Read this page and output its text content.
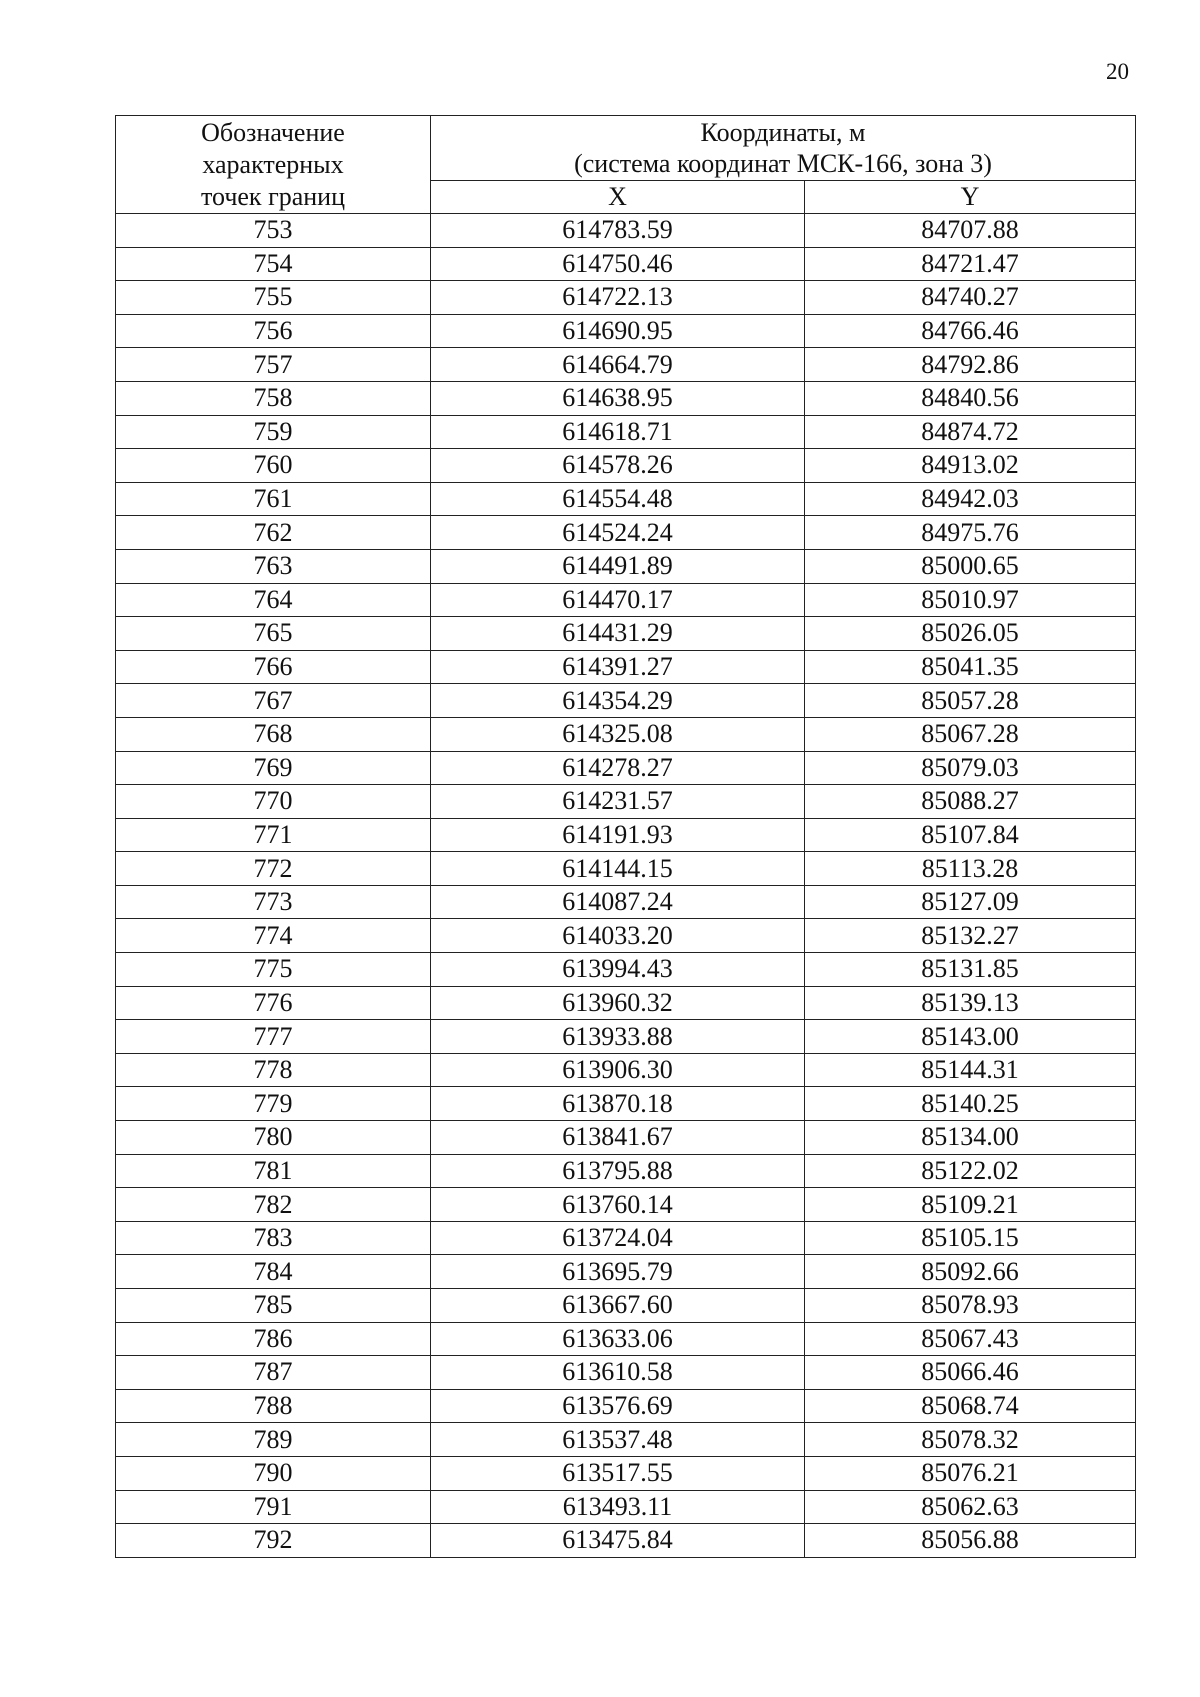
20
Обозначение
характерных
точек границ	Координаты, м
(система координат МСК-166, зона 3)	

	X	Y
753	614783.59	84707.88
754	614750.46	84721.47
755	614722.13	84740.27
756	614690.95	84766.46
757	614664.79	84792.86
758	614638.95	84840.56
759	614618.71	84874.72
760	614578.26	84913.02
761	614554.48	84942.03
762	614524.24	84975.76
763	614491.89	85000.65
764	614470.17	85010.97
765	614431.29	85026.05
766	614391.27	85041.35
767	614354.29	85057.28
768	614325.08	85067.28
769	614278.27	85079.03
770	614231.57	85088.27
771	614191.93	85107.84
772	614144.15	85113.28
773	614087.24	85127.09
774	614033.20	85132.27
775	613994.43	85131.85
776	613960.32	85139.13
777	613933.88	85143.00
778	613906.30	85144.31
779	613870.18	85140.25
780	613841.67	85134.00
781	613795.88	85122.02
782	613760.14	85109.21
783	613724.04	85105.15
784	613695.79	85092.66
785	613667.60	85078.93
786	613633.06	85067.43
787	613610.58	85066.46
788	613576.69	85068.74
789	613537.48	85078.32
790	613517.55	85076.21
791	613493.11	85062.63
792	613475.84	85056.88
